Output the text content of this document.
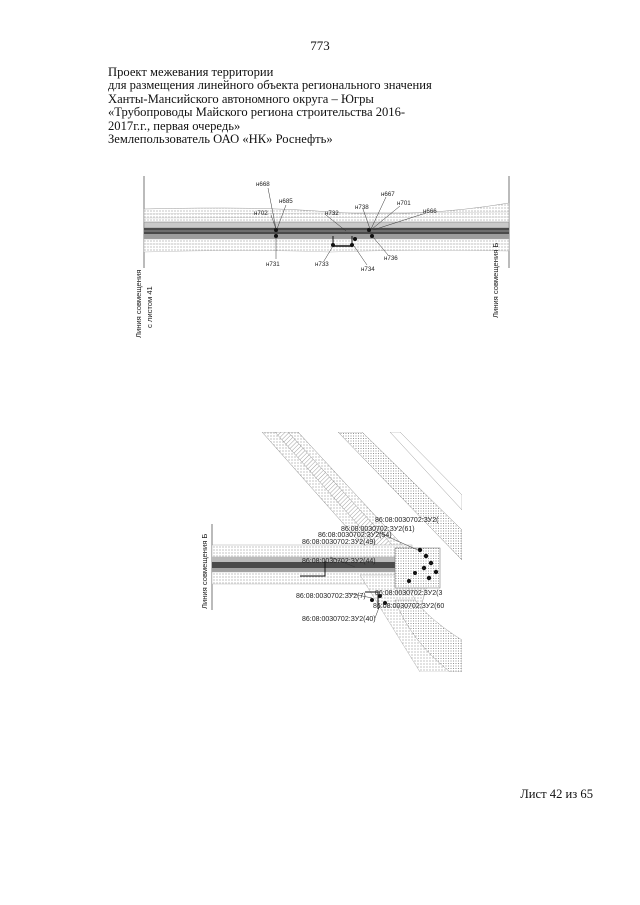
773
Проект межевания территории
для размещения линейного объекта регионального значения
Ханты-Мансийского автономного округа – Югры
«Трубопроводы Майского региона строительства 2016-
2017г.г., первая очередь»
Землепользователь ОАО «НК» Роснефть»
н668
н685
н702	н732
н738
н667
н701
н666
н731	н733
н734
н736
Линия совмещения с листом 41	Линия совмещения Б
86:08:0030702:ЗУ2(
86:08:0030702:ЗУ2(61)
86:08:0030702:ЗУ2(54)
86:08:0030702:ЗУ2(49)
86:08:0030702:ЗУ2(44)
86:08:0030702:ЗУ2(7) 86:08:0030702:ЗУ2(3
86:08:0030702:ЗУ2(60
86:08:0030702:ЗУ2(40)
Линия совмещения Б
Лист 42 из 65
